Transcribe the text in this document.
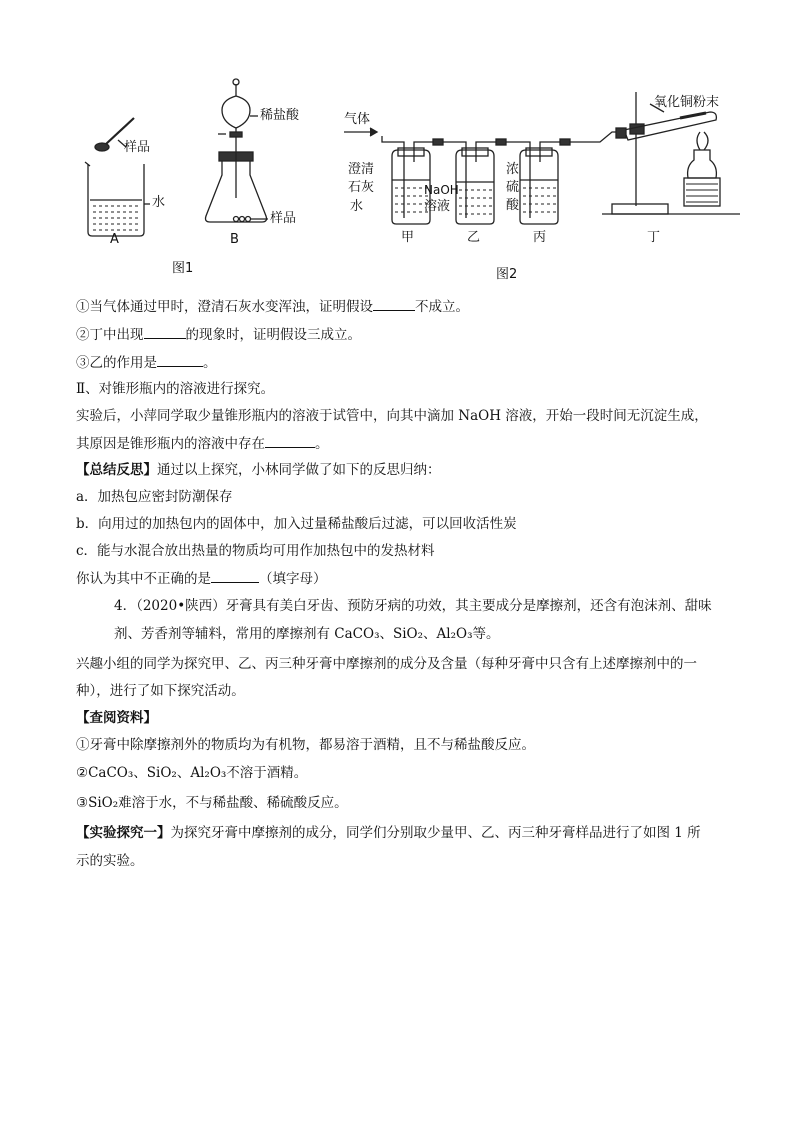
样品
水
A
稀盐酸
样品
B
图1
气体
澄清
石灰
水
NaOH
溶液
浓
硫
酸
氧化铜粉末
甲	乙	丙	丁
图2
①当气体通过甲时，澄清石灰水变浑浊，证明假设	不成立。
②丁中出现	的现象时，证明假设三成立。
③乙的作用是	。
Ⅱ、对锥形瓶内的溶液进行探究。
实验后，小萍同学取少量锥形瓶内的溶液于试管中，向其中滴加 NaOH 溶液，开始一段时间无沉淀生成，
其原因是锥形瓶内的溶液中存在	。
【总结反思】通过以上探究，小林同学做了如下的反思归纳：
a．加热包应密封防潮保存
b．向用过的加热包内的固体中，加入过量稀盐酸后过滤，可以回收活性炭
c．能与水混合放出热量的物质均可用作加热包中的发热材料
你认为其中不正确的是	（填字母）
4．（2020•陕西）牙膏具有美白牙齿、预防牙病的功效，其主要成分是摩擦剂，还含有泡沫剂、甜味
剂、芳香剂等辅料，常用的摩擦剂有 CaCO₃、SiO₂、Al₂O₃等。
兴趣小组的同学为探究甲、乙、丙三种牙膏中摩擦剂的成分及含量（每种牙膏中只含有上述摩擦剂中的一
种），进行了如下探究活动。
【查阅资料】
①牙膏中除摩擦剂外的物质均为有机物，都易溶于酒精，且不与稀盐酸反应。
②CaCO₃、SiO₂、Al₂O₃不溶于酒精。
③SiO₂难溶于水，不与稀盐酸、稀硫酸反应。
【实验探究一】为探究牙膏中摩擦剂的成分，同学们分别取少量甲、乙、丙三种牙膏样品进行了如图 1 所
示的实验。
